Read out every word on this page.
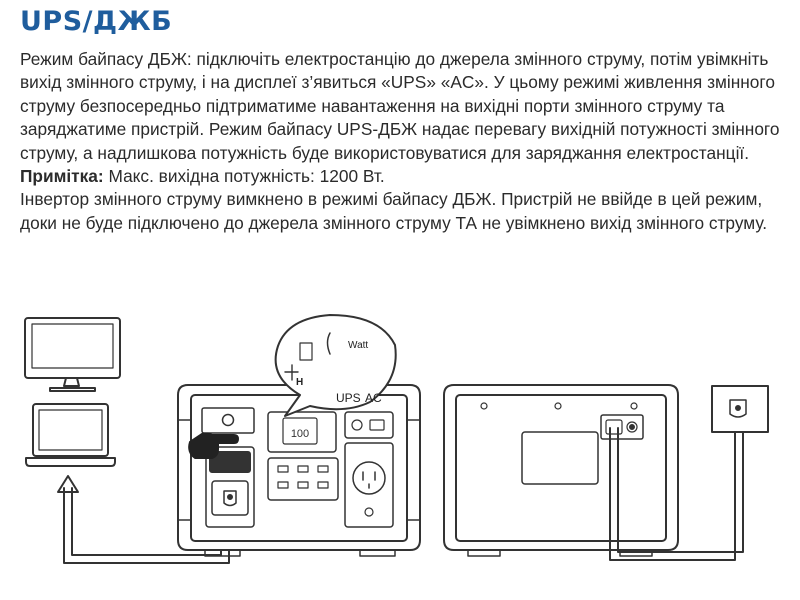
UPS/ДЖБ

Режим байпасу ДБЖ: підключіть електростанцію до джерела змінного струму, потім увімкніть вихід змінного струму, і на дисплеї з’явиться «UPS» «AC». У цьому режимі живлення змінного струму безпосередньо підтриматиме навантаження на вихідні порти змінного струму та заряджатиме пристрій. Режим байпасу UPS-ДБЖ надає перевагу вихідній потужності змінного струму, а надлишкова потужність буде використовуватися для заряджання електростанції.

Примітка: Макс. вихідна потужність: 1200 Вт.

Інвертор змінного струму вимкнено в режимі байпасу ДБЖ. Пристрій не ввійде в цей режим, доки не буде підключено до джерела змінного струму ТА не увімкнено вихід змінного струму.

100
Watt
H
UPS AC
